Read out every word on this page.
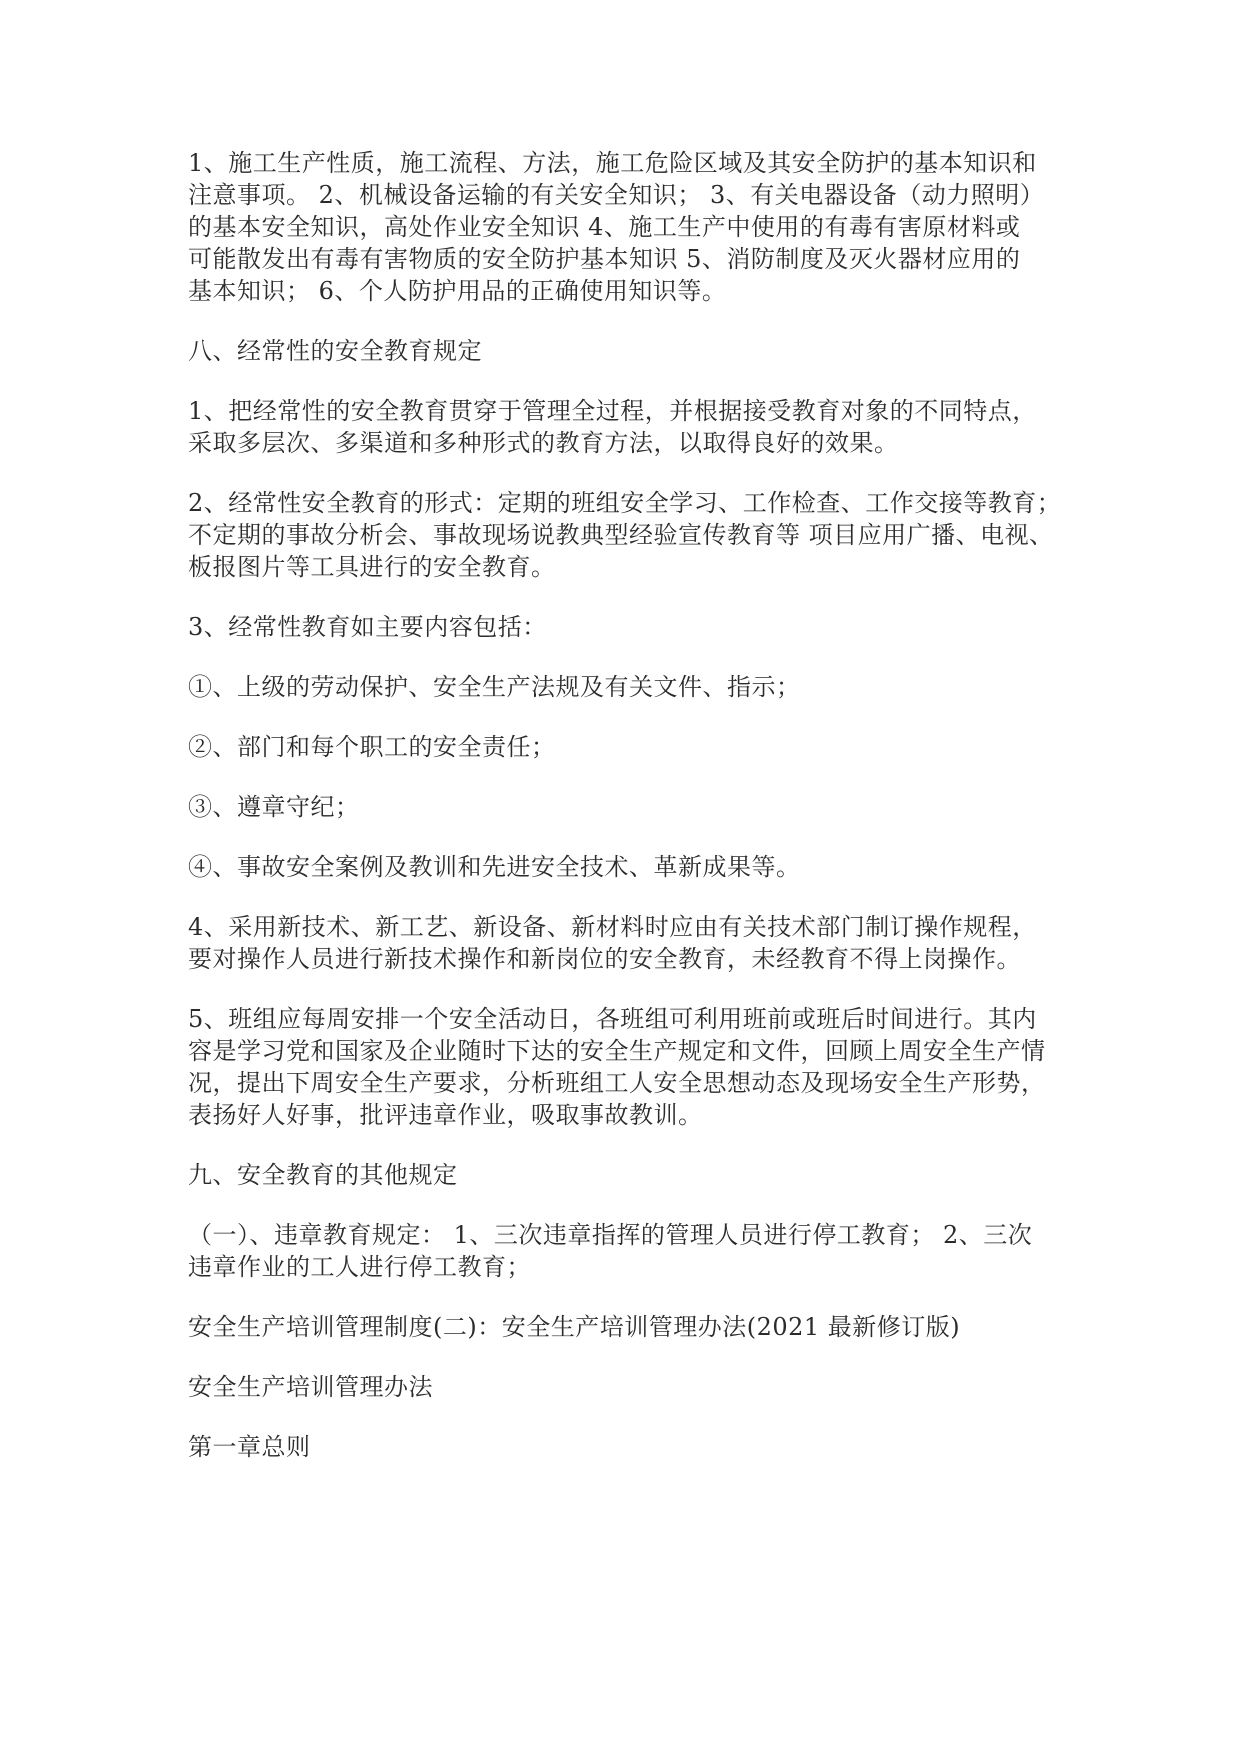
1、施工生产性质，施工流程、方法，施工危险区域及其安全防护的基本知识和
注意事项。 2、机械设备运输的有关安全知识； 3、有关电器设备（动力照明）
的基本安全知识，高处作业安全知识 4、施工生产中使用的有毒有害原材料或
可能散发出有毒有害物质的安全防护基本知识 5、消防制度及灭火器材应用的
基本知识； 6、个人防护用品的正确使用知识等。
八、经常性的安全教育规定
1、把经常性的安全教育贯穿于管理全过程，并根据接受教育对象的不同特点，
采取多层次、多渠道和多种形式的教育方法，以取得良好的效果。
2、经常性安全教育的形式：定期的班组安全学习、工作检查、工作交接等教育；
不定期的事故分析会、事故现场说教典型经验宣传教育等 项目应用广播、电视、
板报图片等工具进行的安全教育。
3、经常性教育如主要内容包括：
①、上级的劳动保护、安全生产法规及有关文件、指示；
②、部门和每个职工的安全责任；
③、遵章守纪；
④、事故安全案例及教训和先进安全技术、革新成果等。
4、采用新技术、新工艺、新设备、新材料时应由有关技术部门制订操作规程，
要对操作人员进行新技术操作和新岗位的安全教育，未经教育不得上岗操作。
5、班组应每周安排一个安全活动日，各班组可利用班前或班后时间进行。其内
容是学习党和国家及企业随时下达的安全生产规定和文件，回顾上周安全生产情
况，提出下周安全生产要求，分析班组工人安全思想动态及现场安全生产形势，
表扬好人好事，批评违章作业，吸取事故教训。
九、安全教育的其他规定
（一）、违章教育规定： 1、三次违章指挥的管理人员进行停工教育； 2、三次
违章作业的工人进行停工教育；
安全生产培训管理制度(二)：安全生产培训管理办法(2021 最新修订版)
安全生产培训管理办法
第一章总则
